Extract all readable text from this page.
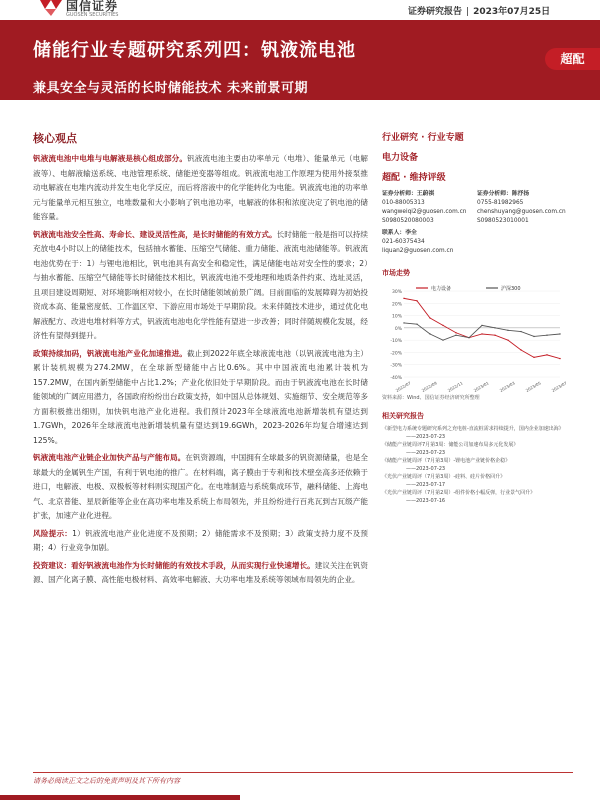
国信证券
GUOSEN SECURITIES	证券研究报告 | 2023年07月25日
储能行业专题研究系列四：钒液流电池
兼具安全与灵活的长时储能技术 未来前景可期
超配
核心观点

钒液流电池中电堆与电解液是核心组成部分。钒液流电池主要由功率单元（电堆）、能量单元（电解液等）、电解液输送系统、电池管理系统、储能逆变器等组成。钒液流电池工作原理为使用外接泵推动电解液在电堆内流动并发生电化学反应，而后将溶液中的化学能转化为电能。钒液流电池的功率单元与能量单元相互独立，电堆数量和大小影响了钒电池功率，电解液的体积和浓度决定了钒电池的储能容量。

钒液流电池安全性高、寿命长、建设灵活性高，是长时储能的有效方式。长时储能一般是指可以持续充放电4小时以上的储能技术，包括抽水蓄能、压缩空气储能、重力储能、液流电池储能等。钒液流电池优势在于：1）与锂电池相比，钒电池具有高安全和稳定性，满足储能电站对安全性的要求；2）与抽水蓄能、压缩空气储能等长时储能技术相比，钒液流电池不受地理和地质条件约束、选址灵活，且项目建设周期短、对环境影响相对较小，在长时储能领域前景广阔。目前面临的发展障碍为初始投资成本高、能量密度低、工作温区窄、下游应用市场处于早期阶段。未来伴随技术进步，通过优化电解液配方、改进电堆材料等方式，钒液流电池电化学性能有望进一步改善；同时伴随规模化发展，经济性有望得到提升。

政策持续加码，钒液流电池产业化加速推进。截止到2022年底全球液流电池（以钒液流电池为主）累计装机规模为274.2MW，在全球新型储能中占比0.6%。其中中国液流电池累计装机为157.2MW，在国内新型储能中占比1.2%；产业化依旧处于早期阶段。而由于钒液流电池在长时储能领域的广阔应用潜力，各国政府纷纷出台政策支持，如中国从总体规划、实施细节、安全规范等多方面积极推出细则，加快钒电池产业化进程。我们预计2023年全球液流电池新增装机有望达到1.7GWh，2026年全球液流电池新增装机量有望达到19.6GWh，2023-2026年均复合增速达到125%。

钒液流电池产业链企业加快产品与产能布局。在钒资源端，中国拥有全球最多的钒资源储量，也是全球最大的金属钒生产国，有利于钒电池的推广。在材料端，离子膜由于专利和技术壁垒高多还依赖于进口，电解液、电极、双极板等材料则实现国产化。在电堆制造与系统集成环节，融科储能、上海电气、北京普能、星辰新能等企业在高功率电堆及系统上布局领先，并且纷纷进行百兆瓦到吉瓦级产能扩张，加速产业化进程。

风险提示：1）钒液流电池产业化进度不及预期；2）储能需求不及预期；3）政策支持力度不及预期；4）行业竞争加剧。

投资建议：看好钒液流电池作为长时储能的有效技术手段，从而实现行业快速增长。建议关注在钒资源、国产化离子膜、高性能电极材料、高效率电解液、大功率电堆及系统等领域布局领先的企业。

行业研究 · 行业专题
电力设备
超配 · 维持评级
证券分析师：王蔚祺
010-88005313
wangweiqi2@guosen.com.cn
S0980520080003
证券分析师：陈抒扬
0755-81982965
chenshuyang@guosen.com.cn
S0980523010001
联系人：李全
021-60375434
liquan2@guosen.com.cn
市场走势
30%
20%
10%
0%
-10%
-20%
-30%
-40%
2022/07 2022/09 2022/11 2023/01 2023/03 2023/05 2023/07
电力设备	沪深300
资料来源：Wind、国信证券经济研究所整理
相关研究报告
《新型电力系统专题研究系列之充电桩-直流桩需求持续提升，国内企业加速出海》
——2023-07-23
《储能产业链周评7月第3周：储能公司加速布局多元化发展》
——2023-07-23
《储能产业链周评（7月第3周）-锂电池产业链价格企稳》
——2023-07-23
《光伏产业链周评（7月第3周）-硅料、硅片价格回升》
——2023-07-17
《光伏产业链周评（7月第2周）-组件价格小幅反弹，行业景气回升》
——2023-07-16
请务必阅读正文之后的免责声明及其下所有内容
